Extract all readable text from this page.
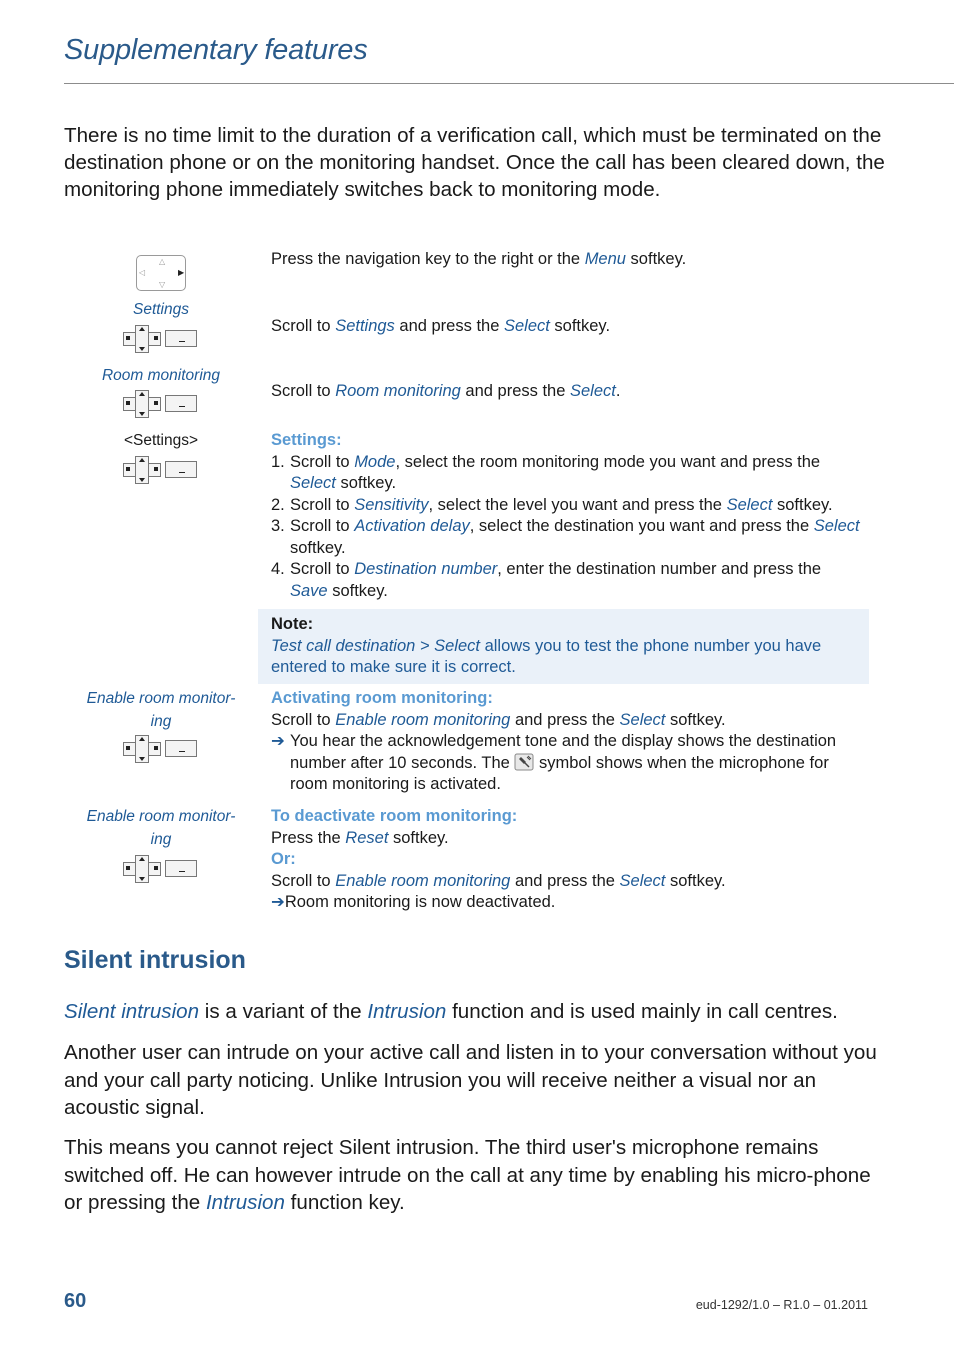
Supplementary features
There is no time limit to the duration of a verification call, which must be terminated on the destination phone or on the monitoring handset. Once the call has been cleared down, the monitoring phone immediately switches back to monitoring mode.
△
▽
◁	▶
Settings
Room monitoring
<Settings>
Enable room monitor-
ing
Enable room monitor-
ing
Press the navigation key to the right or the Menu softkey.
Scroll to Settings and press the Select softkey.
Scroll to Room monitoring and press the Select.
Settings:
1. Scroll to Mode, select the room monitoring mode you want and press the Select softkey.
2. Scroll to Sensitivity, select the level you want and press the Select softkey.
3. Scroll to Activation delay, select the destination you want and press the Select softkey.
4. Scroll to Destination number, enter the destination number and press the Save softkey.
Note:
Test call destination > Select allows you to test the phone number you have entered to make sure it is correct.
Activating room monitoring:
Scroll to Enable room monitoring and press the Select softkey.
➔ You hear the acknowledgement tone and the display shows the destination number after 10 seconds. The  symbol shows when the microphone for room monitoring is activated.
To deactivate room monitoring:
Press the Reset softkey.
Or:
Scroll to Enable room monitoring and press the Select softkey.
➔Room monitoring is now deactivated.
Silent intrusion
Silent intrusion is a variant of the Intrusion function and is used mainly in call centres.
Another user can intrude on your active call and listen in to your conversation without you and your call party noticing. Unlike Intrusion you will receive neither a visual nor an acoustic signal.
This means you cannot reject Silent intrusion. The third user's microphone remains switched off. He can however intrude on the call at any time by enabling his micro-phone or pressing the Intrusion function key.
60	eud-1292/1.0 – R1.0 – 01.2011
